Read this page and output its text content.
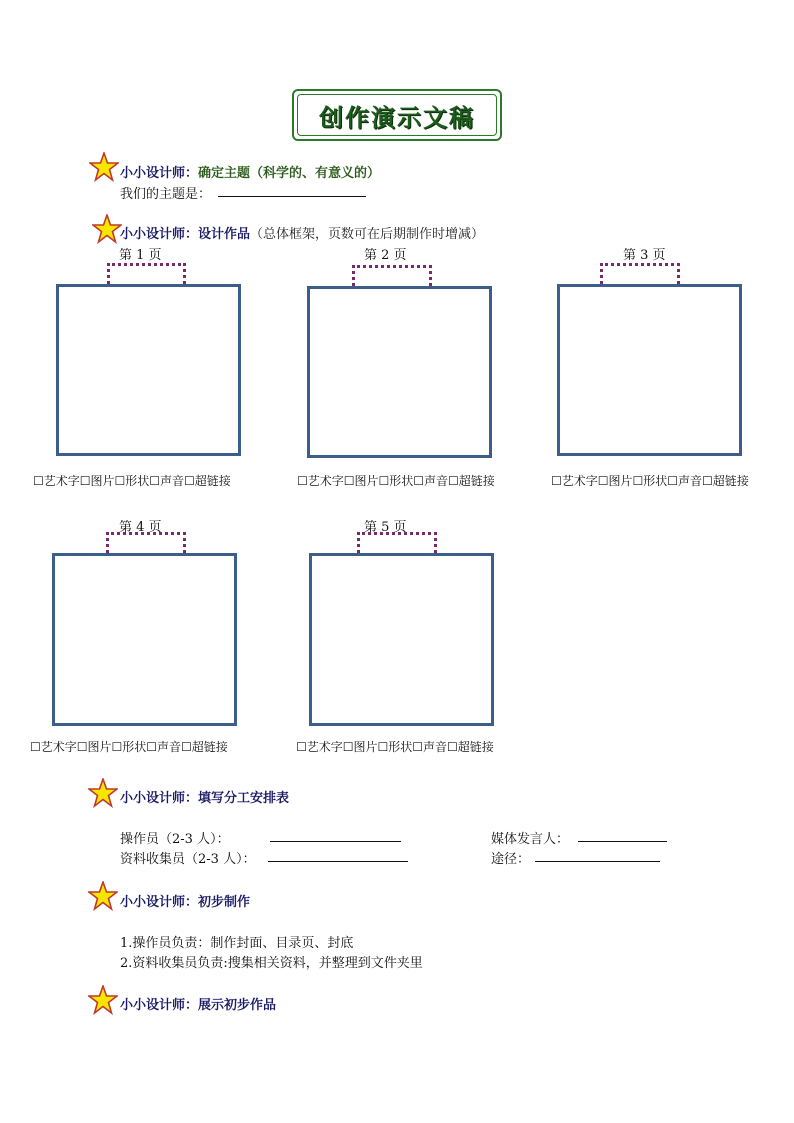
创作演示文稿
小小设计师：确定主题（科学的、有意义的）
我们的主题是：
小小设计师：设计作品（总体框架，页数可在后期制作时增减）
第 1 页
☐艺术字☐图片☐形状☐声音☐超链接
第 2 页
☐艺术字☐图片☐形状☐声音☐超链接
第 3 页
☐艺术字☐图片☐形状☐声音☐超链接
第 4 页
☐艺术字☐图片☐形状☐声音☐超链接
第 5 页
☐艺术字☐图片☐形状☐声音☐超链接
小小设计师：填写分工安排表
操作员（2-3 人）：
资料收集员（2-3 人）：
媒体发言人：
途径：
小小设计师：初步制作
1.操作员负责：制作封面、目录页、封底
2.资料收集员负责:搜集相关资料，并整理到文件夹里
小小设计师：展示初步作品
